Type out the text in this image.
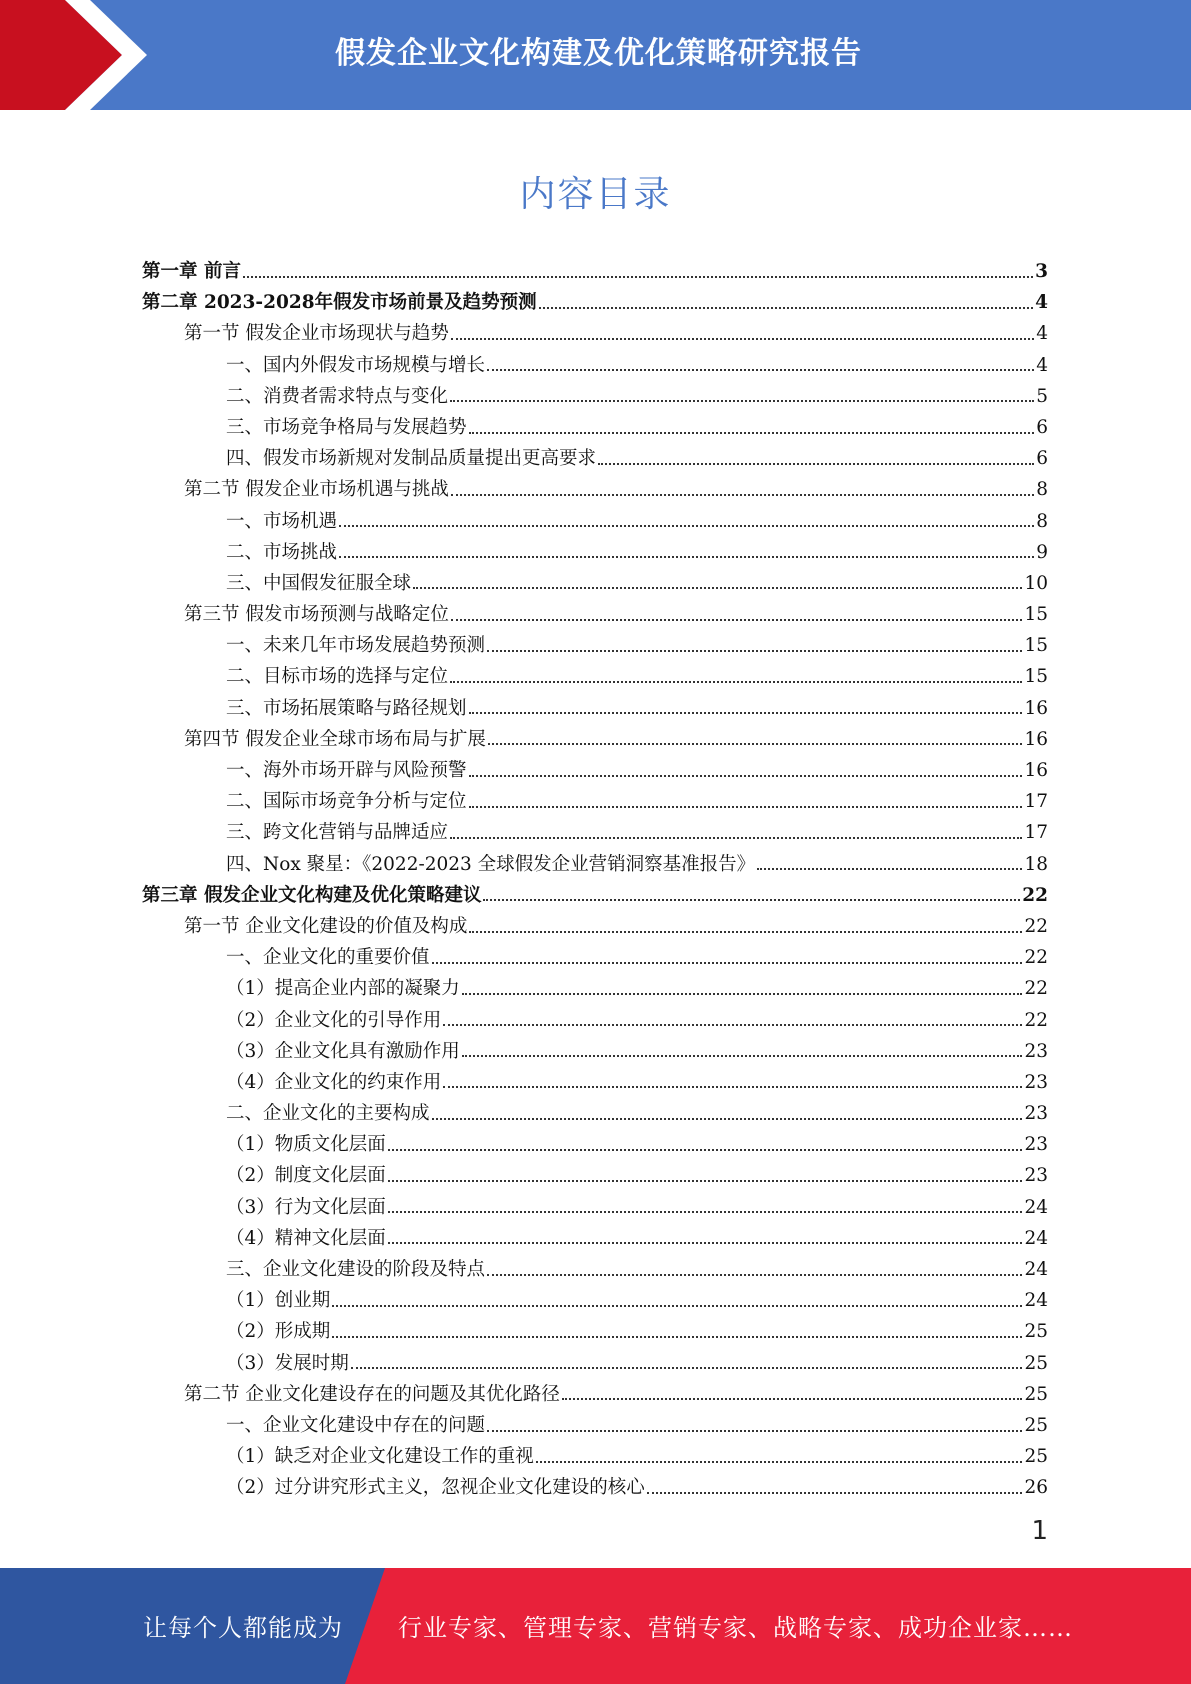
假发企业文化构建及优化策略研究报告
内容目录
第一章 前言	3
第二章 2023-2028年假发市场前景及趋势预测	4
第一节 假发企业市场现状与趋势	4
一、国内外假发市场规模与增长	4
二、消费者需求特点与变化	5
三、市场竞争格局与发展趋势	6
四、假发市场新规对发制品质量提出更高要求	6
第二节 假发企业市场机遇与挑战	8
一、市场机遇	8
二、市场挑战	9
三、中国假发征服全球	10
第三节 假发市场预测与战略定位	15
一、未来几年市场发展趋势预测	15
二、目标市场的选择与定位	15
三、市场拓展策略与路径规划	16
第四节 假发企业全球市场布局与扩展	16
一、海外市场开辟与风险预警	16
二、国际市场竞争分析与定位	17
三、跨文化营销与品牌适应	17
四、Nox 聚星：《2022-2023 全球假发企业营销洞察基准报告》	18
第三章 假发企业文化构建及优化策略建议	22
第一节 企业文化建设的价值及构成	22
一、企业文化的重要价值	22
（1）提高企业内部的凝聚力	22
（2）企业文化的引导作用	22
（3）企业文化具有激励作用	23
（4）企业文化的约束作用	23
二、企业文化的主要构成	23
（1）物质文化层面	23
（2）制度文化层面	23
（3）行为文化层面	24
（4）精神文化层面	24
三、企业文化建设的阶段及特点	24
（1）创业期	24
（2）形成期	25
（3）发展时期	25
第二节 企业文化建设存在的问题及其优化路径	25
一、企业文化建设中存在的问题	25
（1）缺乏对企业文化建设工作的重视	25
（2）过分讲究形式主义，忽视企业文化建设的核心	26
1
让每个人都能成为 行业专家、管理专家、营销专家、战略专家、成功企业家……
